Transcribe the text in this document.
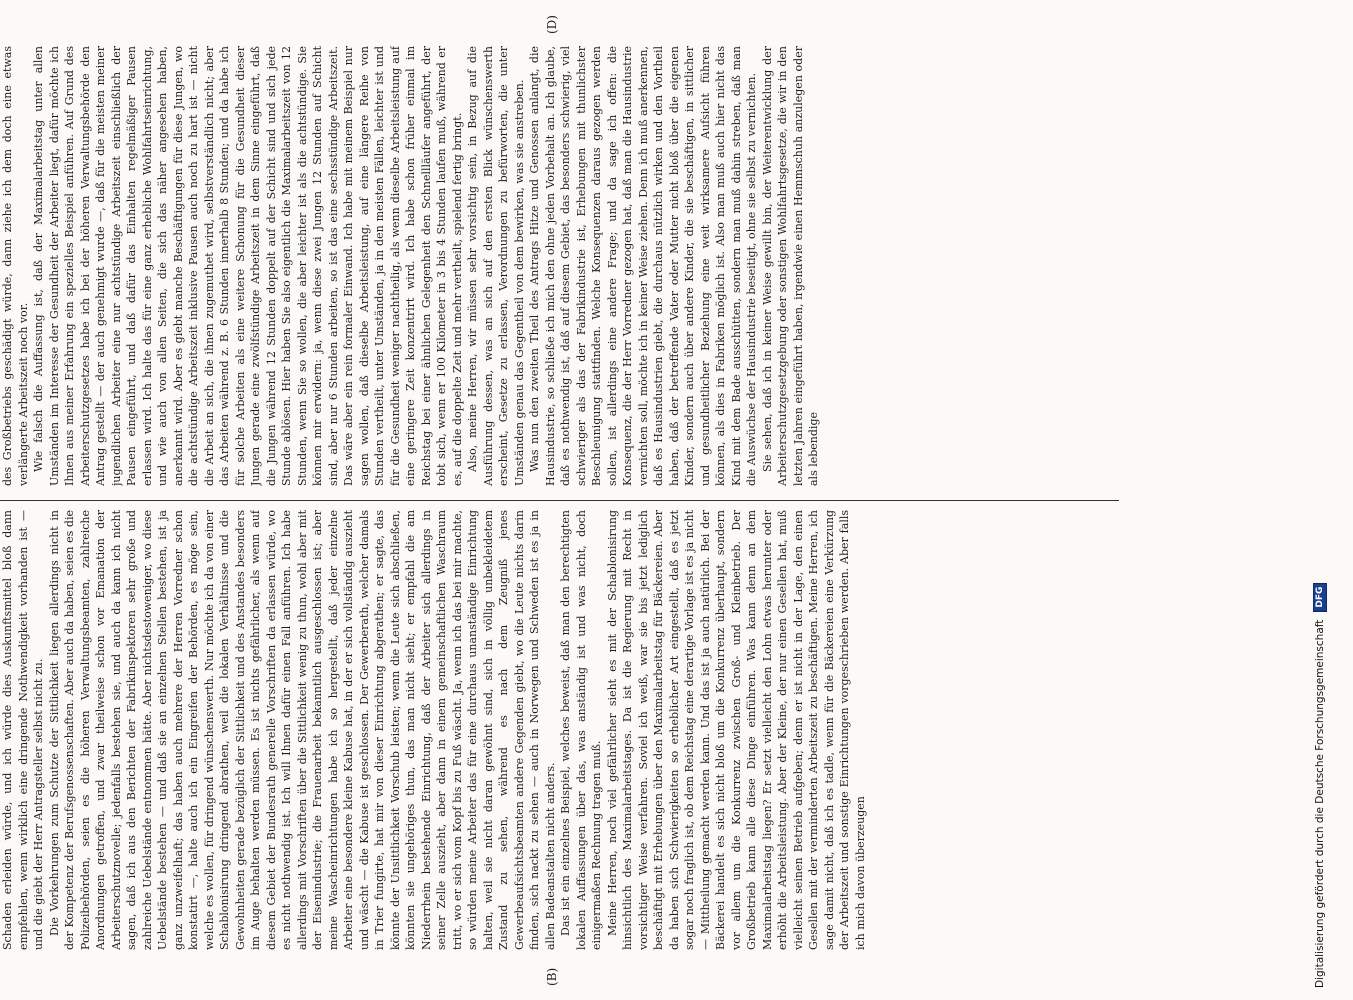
(B)
(D)

Schaden erleiden würde, und ich würde dies Auskunftsmittel bloß dann empfehlen, wenn wirklich eine dringende Nothwendigkeit vorhanden ist — und die giebt der Herr Antragsteller selbst nicht zu. Die Vorkehrungen zum Schutze der Sittlichkeit liegen allerdings nicht in der Kompetenz der Berufsgenossenschaften. Aber auch da haben, seien es die Polizeibehörden, seien es die höheren Verwaltungsbeamten, zahlreiche Anordnungen getroffen, und zwar theilweise schon vor Emanation der Arbeiterschutznovelle; jedenfalls bestehen sie, und auch da kann ich nicht sagen, daß ich aus den Berichten der Fabrikinspektoren sehr große und zahlreiche Uebelstände entnommen hätte. Aber nichtsdestoweniger, wo diese Uebelstände bestehen — und daß sie an einzelnen Stellen bestehen, ist ja ganz unzweifelhaft; das haben auch mehrere der Herren Vorredner schon konstatirt —, halte auch ich ein Eingreifen der Behörden, es möge sein, welche es wollen, für dringend wünschenswerth. Nur möchte ich da von einer Schablonisirung dringend abrathen, weil die lokalen Verhältnisse und die Gewohnheiten gerade bezüglich der Sittlichkeit und des Anstandes besonders im Auge behalten werden müssen. Es ist nichts gefährlicher, als wenn auf diesem Gebiet der Bundesrath generelle Vorschriften da erlassen würde, wo es nicht nothwendig ist. Ich will Ihnen dafür einen Fall anführen. Ich habe allerdings mit Vorschriften über die Sittlichkeit wenig zu thun, wohl aber mit der Eisenindustrie; die Frauenarbeit bekanntlich ausgeschlossen ist; aber meine Wascheinrichtungen habe ich so hergestellt, daß jeder einzelne Arbeiter eine besondere kleine Kabuse hat, in der er sich vollständig auszieht und wäscht — die Kabuse ist geschlossen. Der Gewerberath, welcher damals in Trier fungirte, hat mir von dieser Einrichtung abgerathen; er sagte, das könnte der Unsittlichkeit Vorschub leisten; wenn die Leute sich abschließen, könnten sie ungehöriges thun, das man nicht sieht; er empfahl die am Niederrhein bestehende Einrichtung, daß der Arbeiter sich allerdings in seiner Zelle auszieht, aber dann in einem gemeinschaftlichen Waschraum tritt, wo er sich vom Kopf bis zu Fuß wäscht. Ja, wenn ich das bei mir machte, so würden meine Arbeiter das für eine durchaus unanständige Einrichtung halten, weil sie nicht daran gewöhnt sind, sich in völlig unbekleidetem Zustand zu sehen, während es nach dem Zeugniß jenes Gewerbeaufsichtsbeamten andere Gegenden giebt, wo die Leute nichts darin finden, sich nackt zu sehen — auch in Norwegen und Schweden ist es ja in allen Badeanstalten nicht anders. Das ist ein einzelnes Beispiel, welches beweist, daß man den berechtigten lokalen Auffassungen über das, was anständig ist und was nicht, doch einigermaßen Rechnung tragen muß. Meine Herren, noch viel gefährlicher sieht es mit der Schablonisirung hinsichtlich des Maximalarbeitstages. Da ist die Regierung mit Recht in vorsichtiger Weise verfahren. Soviel ich weiß, war sie bis jetzt lediglich beschäftigt mit Erhebungen über den Maximalarbeitstag für Bäckereien. Aber da haben sich Schwierigkeiten so erheblicher Art eingestellt, daß es jetzt sogar noch fraglich ist, ob dem Reichstag eine derartige Vorlage ist es ja nicht — Mittheilung gemacht werden kann. Und das ist ja auch natürlich. Bei der Bäckerei handelt es sich nicht bloß um die Konkurrenz überhaupt, sondern vor allem um die Konkurrenz zwischen Groß- und Kleinbetrieb. Der Großbetrieb kann alle diese Dinge einführen. Was kann denn an dem Maximalarbeitstag liegen? Er setzt vielleicht den Lohn etwas herunter oder erhöht die Arbeitsleistung. Aber der Kleine, der nur einen Gesellen hat, muß vielleicht seinen Betrieb aufgeben; denn er ist nicht in der Lage, den einen Gesellen mit der verminderten Arbeitszeit zu beschäftigen. Meine Herren, ich sage damit nicht, daß ich es tadle, wenn für die Bäckereien eine Verkürzung der Arbeitszeit und sonstige Einrichtungen vorgeschrieben werden. Aber falls ich mich davon überzeugen

des Großbetriebs geschädigt würde, dann ziehe ich dem doch eine etwas verlängerte Arbeitszeit noch vor. Wie falsch die Auffassung ist, daß der Maximalarbeitstag unter allen Umständen im Interesse der Gesundheit der Arbeiter liegt, dafür möchte ich Ihnen aus meiner Erfahrung ein spezielles Beispiel anführen. Auf Grund des Arbeiterschutzgesetzes habe ich bei der höheren Verwaltungsbehörde den Antrag gestellt — der auch genehmigt wurde —, daß für die meisten meiner jugendlichen Arbeiter eine nur achtstündige Arbeitszeit einschließlich der Pausen eingeführt, und daß dafür das Einhalten regelmäßiger Pausen erlassen wird. Ich halte das für eine ganz erhebliche Wohlfahrtseinrichtung, und wie auch von allen Seiten, die sich das näher angesehen haben, anerkannt wird. Aber es giebt manche Beschäftigungen für diese Jungen, wo die achtstündige Arbeitszeit inklusive Pausen auch noch zu hart ist — nicht die Arbeit an sich, die ihnen zugemuthet wird, selbstverständlich nicht; aber das Arbeiten während z. B. 6 Stunden innerhalb 8 Stunden; und da habe ich für solche Arbeiten als eine weitere Schonung für die Gesundheit dieser Jungen gerade eine zwölfstündige Arbeitszeit in dem Sinne eingeführt, daß die Jungen während 12 Stunden doppelt auf der Schicht sind und sich jede Stunde ablösen. Hier haben Sie also eigentlich die Maximalarbeitszeit von 12 Stunden, wenn Sie so wollen, die aber leichter ist als die achtstündige. Sie können mir erwidern: ja, wenn diese zwei Jungen 12 Stunden auf Schicht sind, aber nur 6 Stunden arbeiten, so ist das eine sechsstündige Arbeitszeit. Das wäre aber ein rein formaler Einwand. Ich habe mit meinem Beispiel nur sagen wollen, daß dieselbe Arbeitsleistung, auf eine längere Reihe von Stunden vertheilt, unter Umständen, ja in den meisten Fällen, leichter ist und für die Gesundheit weniger nachtheilig, als wenn dieselbe Arbeitsleistung auf eine geringere Zeit konzentrirt wird. Ich habe schon früher einmal im Reichstag bei einer ähnlichen Gelegenheit den Schnellläufer angeführt, der tobt sich, wenn er 100 Kilometer in 3 bis 4 Stunden laufen muß, während er es, auf die doppelte Zeit und mehr vertheilt, spielend fertig bringt. Also, meine Herren, wir müssen sehr vorsichtig sein, in Bezug auf die Ausführung dessen, was an sich auf den ersten Blick wünschenswerth erscheint, Gesetze zu erlassen, Verordnungen zu befürworten, die unter Umständen genau das Gegentheil von dem bewirken, was sie anstreben. Was nun den zweiten Theil des Antrags Hitze und Genossen anlangt, die Hausindustrie, so schließe ich mich den ohne jeden Vorbehalt an. Ich glaube, daß es nothwendig ist, daß auf diesem Gebiet, das besonders schwierig, viel schwieriger als das der Fabrikindustrie ist, Erhebungen mit thunlichster Beschleunigung stattfinden. Welche Konsequenzen daraus gezogen werden sollen, ist allerdings eine andere Frage; und da sage ich offen: die Konsequenz, die der Herr Vorredner gezogen hat, daß man die Hausindustrie vernichten soll, möchte ich in keiner Weise ziehen. Denn ich muß anerkennen, daß es Hausindustrien giebt, die durchaus nützlich wirken und den Vortheil haben, daß der betreffende Vater oder Mutter nicht bloß über die eigenen Kinder, sondern auch über andere Kinder, die sie beschäftigen, in sittlicher und gesundheitlicher Beziehung eine weit wirksamere Aufsicht führen können, als dies in Fabriken möglich ist. Also man muß auch hier nicht das Kind mit dem Bade ausschütten, sondern man muß dahin streben, daß man die Auswüchse der Hausindustrie beseitigt, ohne sie selbst zu vernichten. Sie sehen, daß ich in keiner Weise gewillt bin, der Weiterentwicklung der Arbeiterschutzgesetzgebung oder sonstigen Wohlfahrtsgesetze, die wir in den letzten Jahren eingeführt haben, irgendwie einen Hemmschuh anzulegen oder als lebendige

Digitalisierung gefördert durch die Deutsche Forschungsgemeinschaft
DFG
